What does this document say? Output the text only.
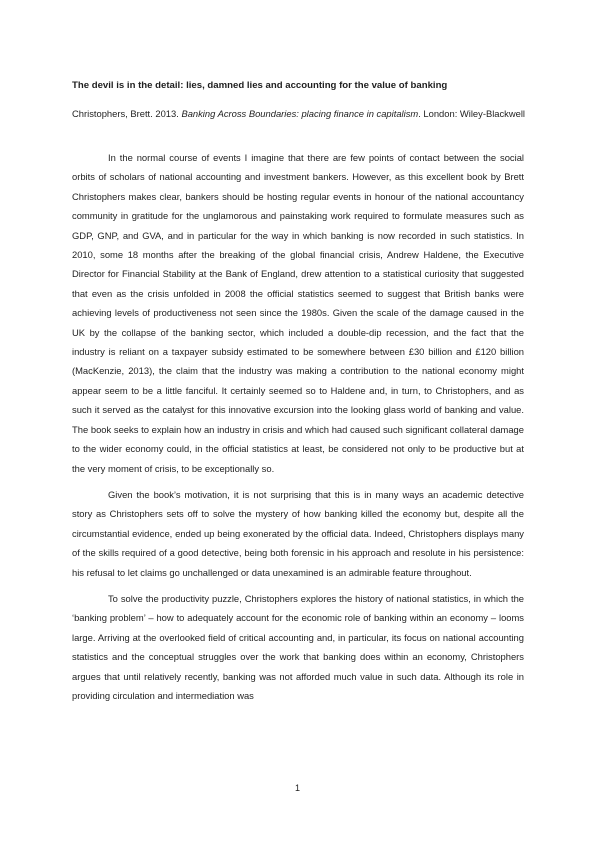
The devil is in the detail: lies, damned lies and accounting for the value of banking

Christophers, Brett. 2013. Banking Across Boundaries: placing finance in capitalism. London: Wiley-Blackwell

In the normal course of events I imagine that there are few points of contact between the social orbits of scholars of national accounting and investment bankers. However, as this excellent book by Brett Christophers makes clear, bankers should be hosting regular events in honour of the national accountancy community in gratitude for the unglamorous and painstaking work required to formulate measures such as GDP, GNP, and GVA, and in particular for the way in which banking is now recorded in such statistics. In 2010, some 18 months after the breaking of the global financial crisis, Andrew Haldene, the Executive Director for Financial Stability at the Bank of England, drew attention to a statistical curiosity that suggested that even as the crisis unfolded in 2008 the official statistics seemed to suggest that British banks were achieving levels of productiveness not seen since the 1980s. Given the scale of the damage caused in the UK by the collapse of the banking sector, which included a double-dip recession, and the fact that the industry is reliant on a taxpayer subsidy estimated to be somewhere between £30 billion and £120 billion (MacKenzie, 2013), the claim that the industry was making a contribution to the national economy might appear seem to be a little fanciful. It certainly seemed so to Haldene and, in turn, to Christophers, and as such it served as the catalyst for this innovative excursion into the looking glass world of banking and value. The book seeks to explain how an industry in crisis and which had caused such significant collateral damage to the wider economy could, in the official statistics at least, be considered not only to be productive but at the very moment of crisis, to be exceptionally so.

Given the book’s motivation, it is not surprising that this is in many ways an academic detective story as Christophers sets off to solve the mystery of how banking killed the economy but, despite all the circumstantial evidence, ended up being exonerated by the official data. Indeed, Christophers displays many of the skills required of a good detective, being both forensic in his approach and resolute in his persistence: his refusal to let claims go unchallenged or data unexamined is an admirable feature throughout.

To solve the productivity puzzle, Christophers explores the history of national statistics, in which the ‘banking problem’ – how to adequately account for the economic role of banking within an economy – looms large. Arriving at the overlooked field of critical accounting and, in particular, its focus on national accounting statistics and the conceptual struggles over the work that banking does within an economy, Christophers argues that until relatively recently, banking was not afforded much value in such data. Although its role in providing circulation and intermediation was

1
